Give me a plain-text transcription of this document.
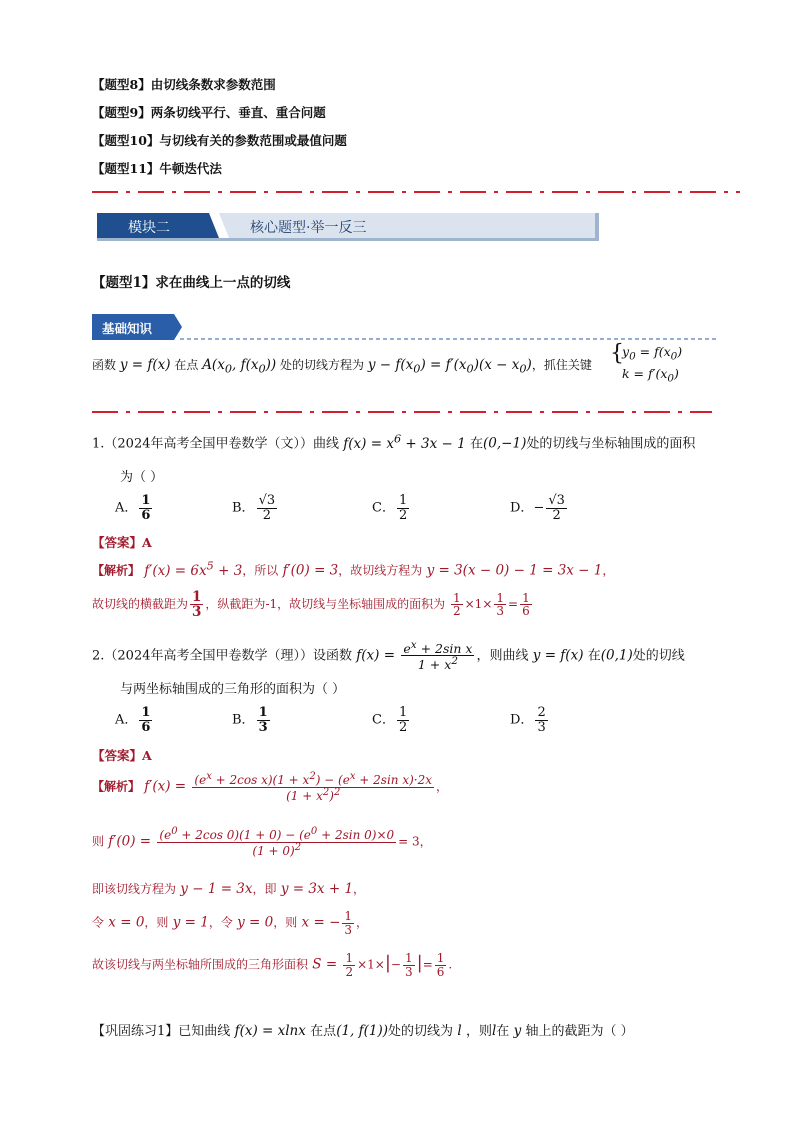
【题型8】由切线条数求参数范围
【题型9】两条切线平行、垂直、重合问题
【题型10】与切线有关的参数范围或最值问题
【题型11】牛顿迭代法
模块二	核心题型·举一反三
【题型1】求在曲线上一点的切线
基础知识
函数 y = f(x) 在点 $A(x_0$, $f(x_0)$) 处的切线方程为 $y - f(x_0) = f'(x_0)(x - x_0)$，抓住关键 {
$y_0 = f(x_0)$
$k = f'(x_0)$
1.（2024年高考全国甲卷数学（文））曲线 $f(x) = x^6 + 3x - 1$ 在(0,−1)处的切线与坐标轴围成的面积
为（ ）
A． $\frac{1}{6}$	B． $\frac{√3}{2}$	C． $\frac{1}{2}$	D．− $\frac{√3}{2}$
【答案】A
【解析】 $f'(x) = 6x^5 + 3$，所以 f′(0) = 3，故切线方程为 y = 3(x − 0) − 1 = 3x − 1，
故切线的横截距为 $\frac{1}{3}$ ，纵截距为-1，故切线与坐标轴围成的面积为 $\frac{1}{2} \times 1\times \frac{1}{3} = \frac{1}{6}$
2.（2024年高考全国甲卷数学（理））设函数 $f(x) = \frac{e^x + 2\sin x}{1 + x^2}$ ，则曲线 y = f(x) 在(0,1)处的切线
与两坐标轴围成的三角形的面积为（ ）
A． $\frac{1}{6}$	B． $\frac{1}{3}$	C． $\frac{1}{2}$	D． $\frac{2}{3}$
【答案】A
【解析】 $f'(x) = \frac{(e^x + 2\cos x)(1 + x^2) - (e^x + 2\sin x)\cdot 2x}{(1 + x^2)^2}$ ，
则 $f'(0) = \frac{(e^0 + 2\cos 0)(1 + 0) - (e^0 + 2\sin 0)\times 0}{(1 + 0)^2} = 3$，
即该切线方程为 y − 1 = 3x，即 y = 3x + 1，
令 x = 0，则 y = 1，令 y = 0，则 x = − $\frac{1}{3}$ ，
故该切线与两坐标轴所围成的三角形面积 $S = \frac{1}{2} \times 1\times|- \frac{1}{3}$ |= $\frac{1}{6}$ .
【巩固练习1】已知曲线 f(x) = xlnx 在点(1, f(1))处的切线为 l ，则l在 y 轴上的截距为（ ）
